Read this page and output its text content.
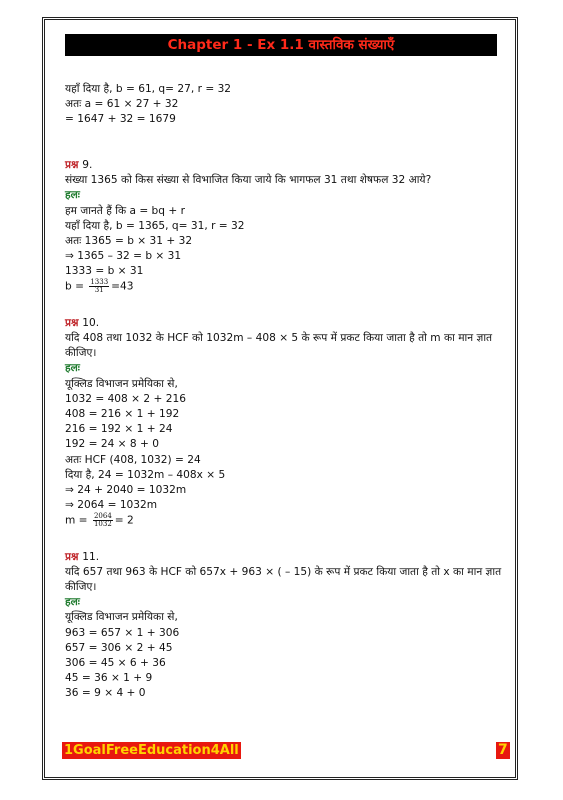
Chapter 1 - Ex 1.1 वास्तविक संख्याएँ
यहाँ दिया है, b = 61, q= 27, r = 32
अतः a = 61 × 27 + 32
= 1647 + 32 = 1679
प्रश्न 9.
संख्या 1365 को किस संख्या से विभाजित किया जाये कि भागफल 31 तथा शेषफल 32 आये?
हलः
हम जानते हैं कि a = bq + r
यहाँ दिया है, b = 1365, q= 31, r = 32
अतः 1365 = b × 31 + 32
⇒ 1365 – 32 = b × 31
1333 = b × 31
$b = \frac{1333}{31} =43$
प्रश्न 10.
यदि 408 तथा 1032 के HCF को 1032m – 408 × 5 के रूप में प्रकट किया जाता है तो m का मान ज्ञात कीजिए।
हलः
यूक्लिड विभाजन प्रमेयिका से,
1032 = 408 × 2 + 216
408 = 216 × 1 + 192
216 = 192 × 1 + 24
192 = 24 × 8 + 0
अतः HCF (408, 1032) = 24
दिया है, 24 = 1032m – 408x × 5
⇒ 24 + 2040 = 1032m
⇒ 2064 = 1032m
$m = \frac{2064}{1032} = 2$
प्रश्न 11.
यदि 657 तथा 963 के HCF को 657x + 963 × ( – 15) के रूप में प्रकट किया जाता है तो x का मान ज्ञात कीजिए।
हलः
यूक्लिड विभाजन प्रमेयिका से,
963 = 657 × 1 + 306
657 = 306 × 2 + 45
306 = 45 × 6 + 36
45 = 36 × 1 + 9
36 = 9 × 4 + 0
1GoalFreeEducation4All	7
